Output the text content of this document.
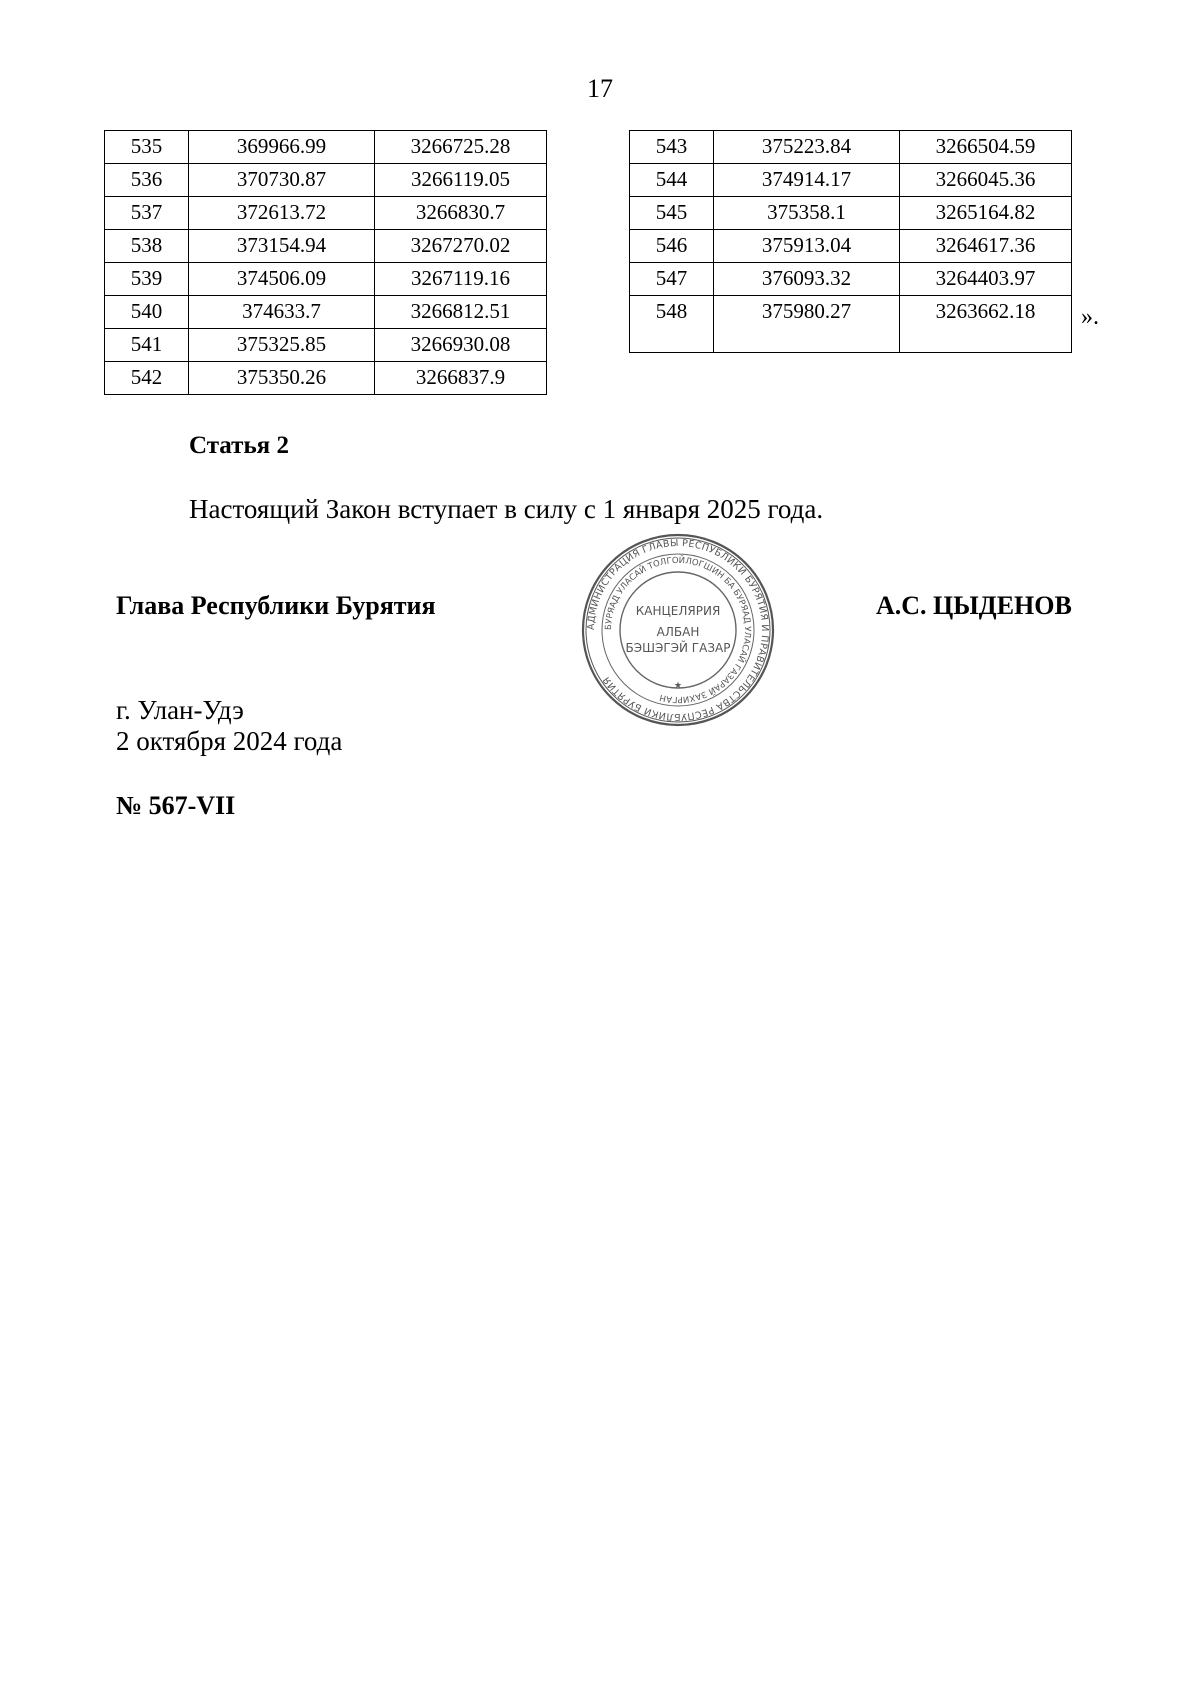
17
535	369966.99	3266725.28
536	370730.87	3266119.05
537	372613.72	3266830.7
538	373154.94	3267270.02
539	374506.09	3267119.16
540	374633.7	3266812.51
541	375325.85	3266930.08
542	375350.26	3266837.9
543	375223.84	3266504.59
544	374914.17	3266045.36
545	375358.1	3265164.82
546	375913.04	3264617.36
547	376093.32	3264403.97
548	375980.27	3263662.18 ».
Статья 2
Настоящий Закон вступает в силу с 1 января 2025 года.
Глава Республики Бурятия	А.С. ЦЫДЕНОВ
АДМИНИСТРАЦИЯ ГЛАВЫ РЕСПУБЛИКИ БУРЯТИЯ И ПРАВИТЕЛЬСТВА РЕСПУБЛИКИ БУРЯТИЯ
БУРЯАД УЛАСАЙ ТОЛГОЙЛОГШИН БА БУРЯАД УЛАСАЙ ГАЗАРАЙ ЗАХИРГАН
КАНЦЕЛЯРИЯ
АЛБАН
БЭШЭГЭЙ ГАЗАР
★
г. Улан-Удэ
2 октября 2024 года
№ 567-VII
